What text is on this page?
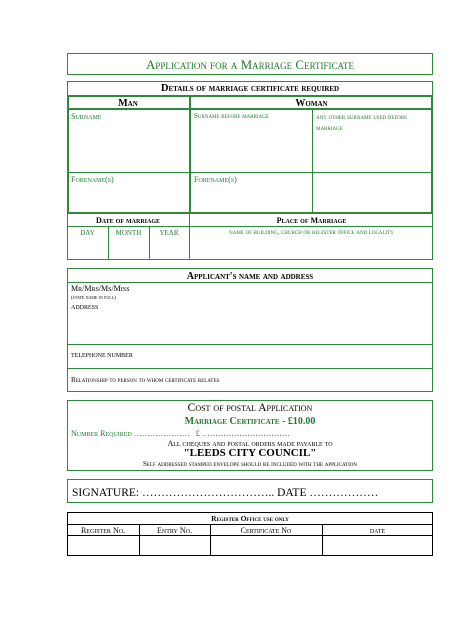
Application for a Marriage Certificate
Details of marriage certificate required
Man	Woman
Surname	Surname before marriage	any other surname used before marriage
Forename(s)	Forename(s)
Date of marriage	Place of Marriage
DAY	MONTH	YEAR	name of building, church or register office and locality
Applicant's name and address
Mr/Mrs/Ms/Miss
(state name in full)
ADDRESS
TELEPHONE NUMBER
Relationship to person to whom certificate relates
Cost of postal Application
Marriage Certificate - £10.00
Number Required …………………   £ ……………………………
All cheques and postal orders made payable to
"LEEDS CITY COUNCIL"
Self addressed stamped envelope should be included with the application
SIGNATURE: …………………………….. DATE ………………
Register Office use only
Register No.	Entry No.	Certificate No	date
